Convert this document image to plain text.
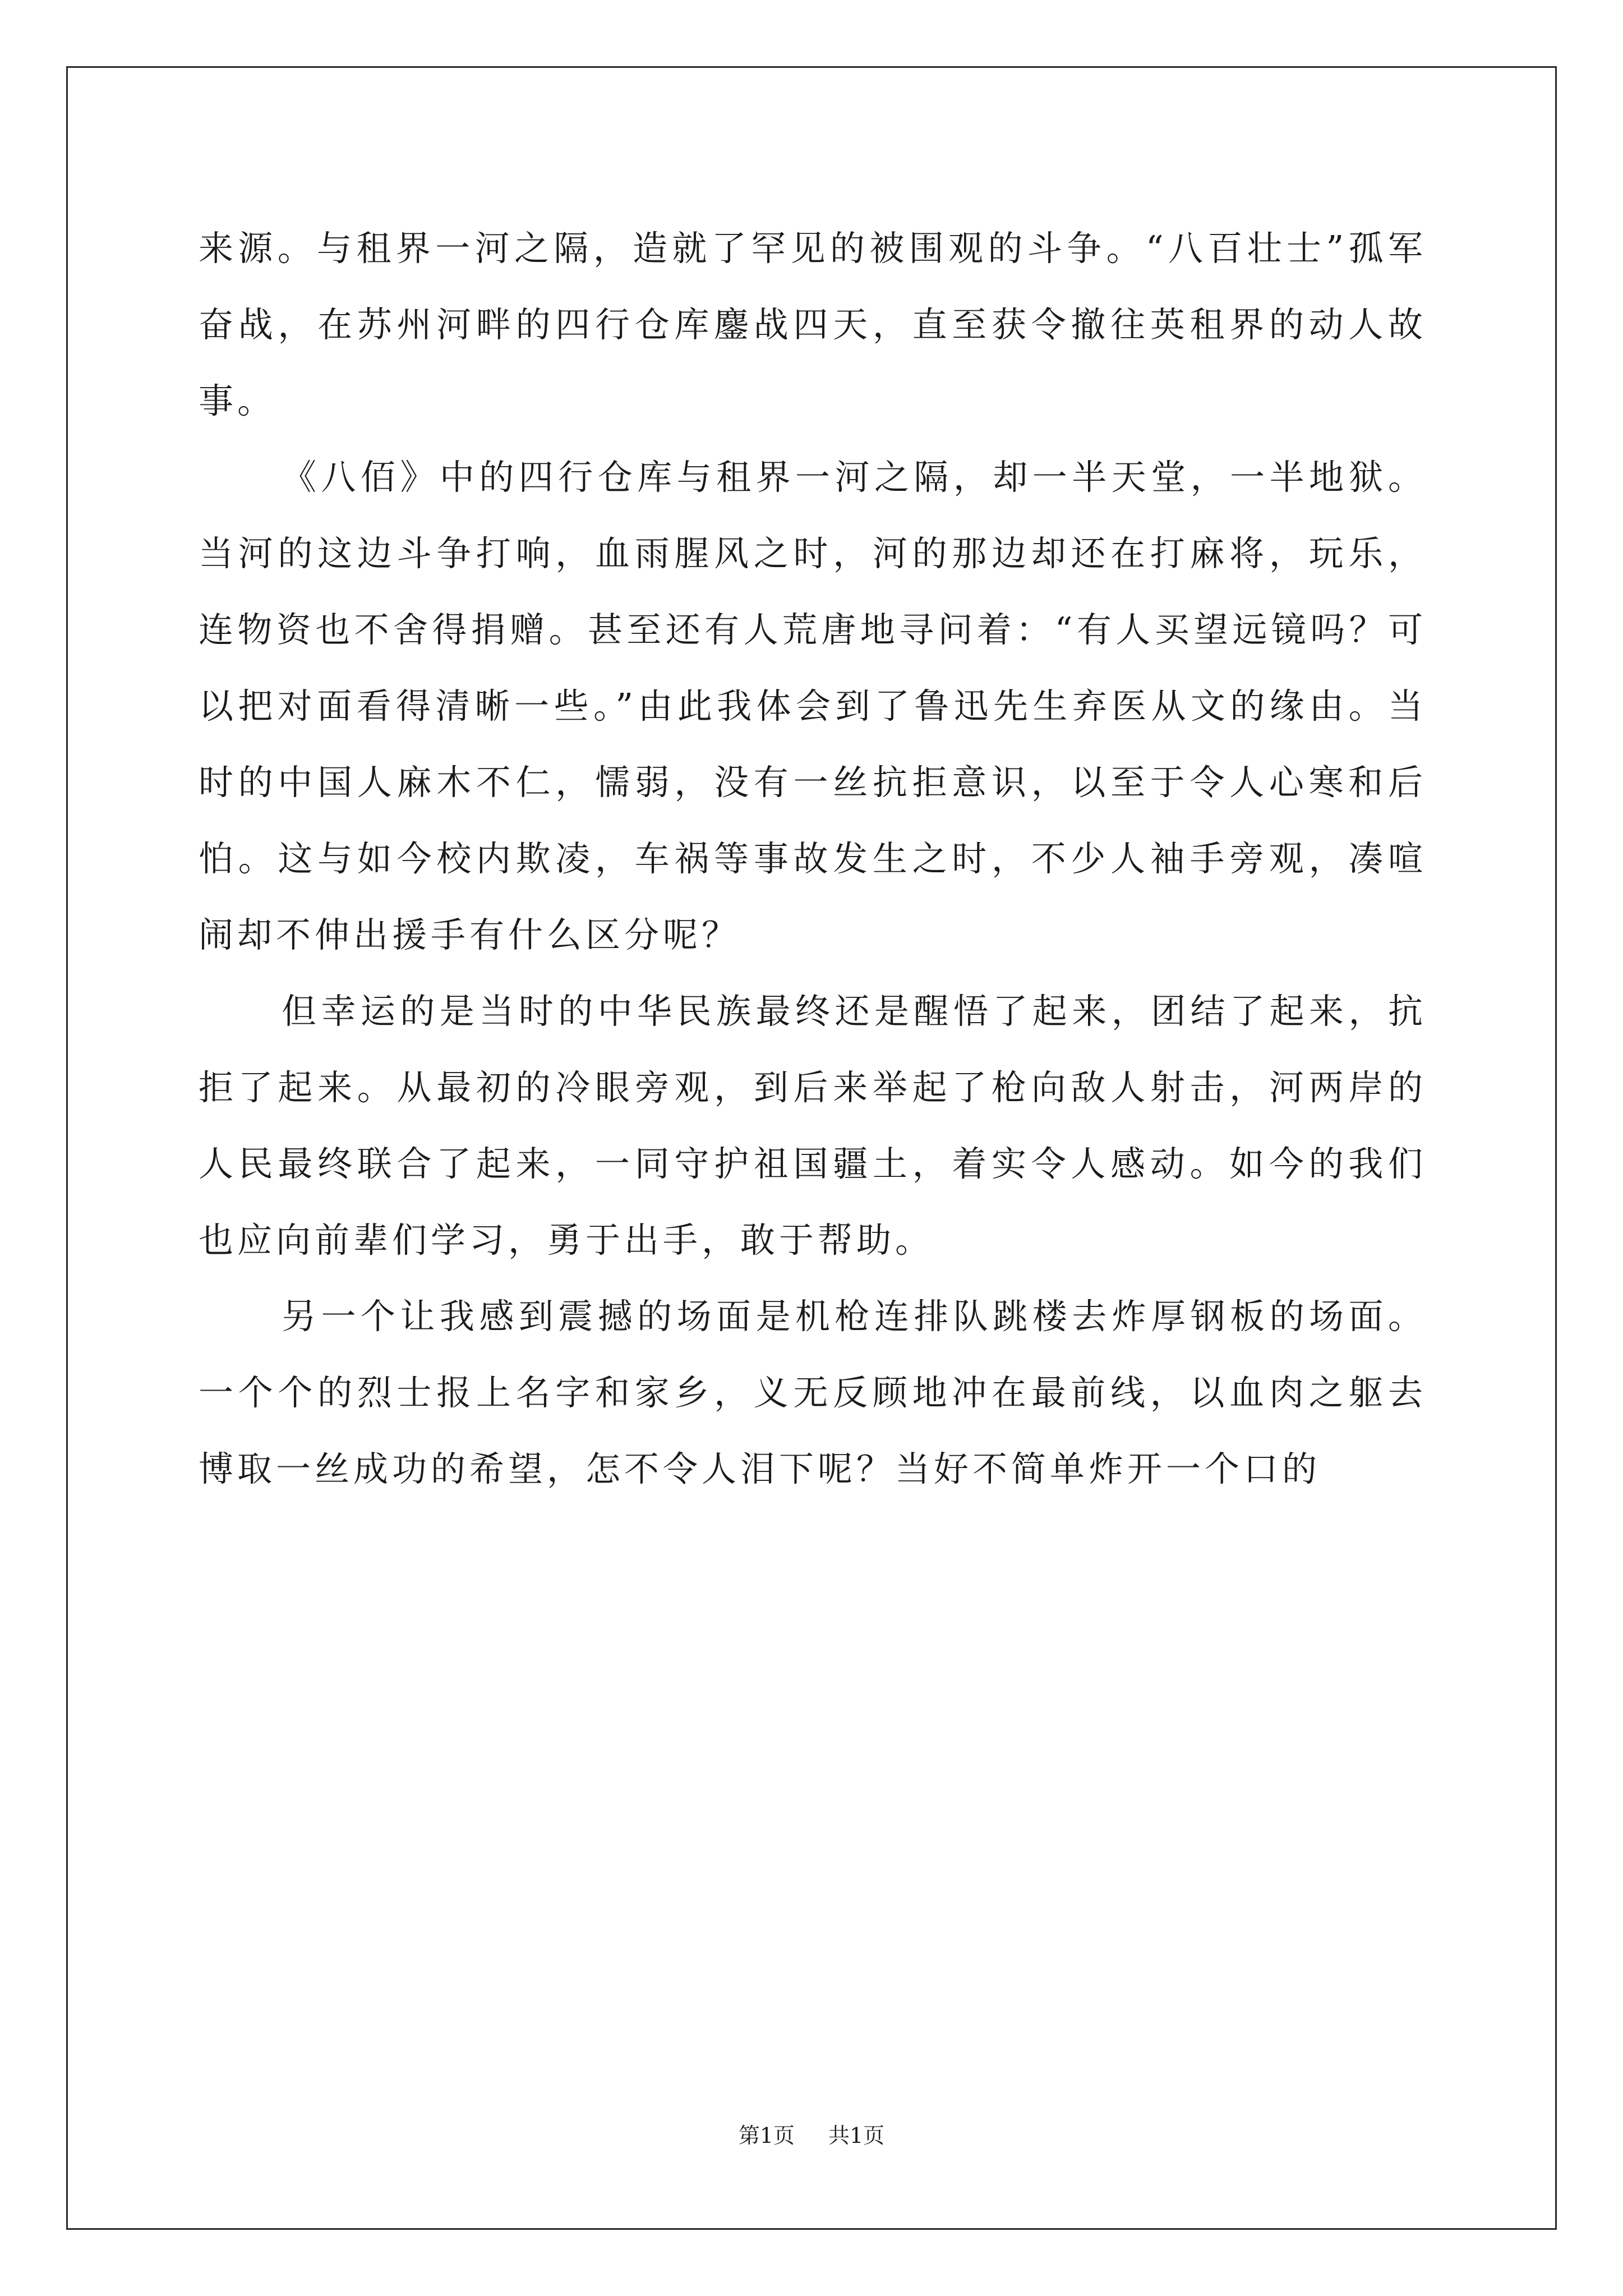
来源。与租界一河之隔，造就了罕见的被围观的斗争。“八百壮士”孤军奋战，在苏州河畔的四行仓库鏖战四天，直至获令撤往英租界的动人故事。

《八佰》中的四行仓库与租界一河之隔，却一半天堂，一半地狱。当河的这边斗争打响，血雨腥风之时，河的那边却还在打麻将，玩乐，连物资也不舍得捐赠。甚至还有人荒唐地寻问着：“有人买望远镜吗？可以把对面看得清晰一些。”由此我体会到了鲁迅先生弃医从文的缘由。当时的中国人麻木不仁，懦弱，没有一丝抗拒意识，以至于令人心寒和后怕。这与如今校内欺凌，车祸等事故发生之时，不少人袖手旁观，凑喧闹却不伸出援手有什么区分呢？

但幸运的是当时的中华民族最终还是醒悟了起来，团结了起来，抗拒了起来。从最初的冷眼旁观，到后来举起了枪向敌人射击，河两岸的人民最终联合了起来，一同守护祖国疆土，着实令人感动。如今的我们也应向前辈们学习，勇于出手，敢于帮助。

另一个让我感到震撼的场面是机枪连排队跳楼去炸厚钢板的场面。一个个的烈士报上名字和家乡，义无反顾地冲在最前线，以血肉之躯去博取一丝成功的希望，怎不令人泪下呢？当好不简单炸开一个口的

第1页 共1页
